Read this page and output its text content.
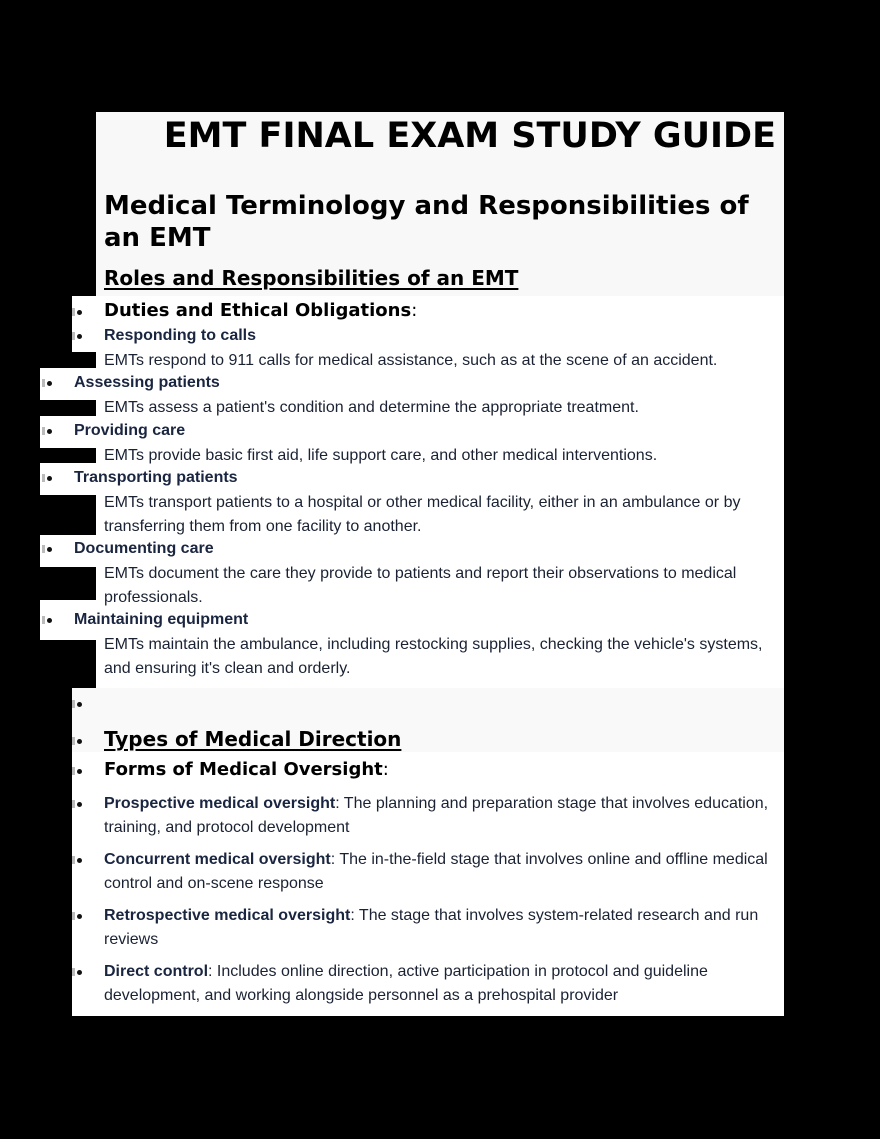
EMT FINAL EXAM STUDY GUIDE
Medical Terminology and Responsibilities of an EMT
Roles and Responsibilities of an EMT
Duties and Ethical Obligations:
Responding to calls
EMTs respond to 911 calls for medical assistance, such as at the scene of an accident.
Assessing patients
EMTs assess a patient's condition and determine the appropriate treatment.
Providing care
EMTs provide basic first aid, life support care, and other medical interventions.
Transporting patients
EMTs transport patients to a hospital or other medical facility, either in an ambulance or by transferring them from one facility to another.
Documenting care
EMTs document the care they provide to patients and report their observations to medical professionals.
Maintaining equipment
EMTs maintain the ambulance, including restocking supplies, checking the vehicle's systems, and ensuring it's clean and orderly.
Types of Medical Direction
Forms of Medical Oversight:
Prospective medical oversight: The planning and preparation stage that involves education, training, and protocol development
Concurrent medical oversight: The in-the-field stage that involves online and offline medical control and on-scene response
Retrospective medical oversight: The stage that involves system-related research and run reviews
Direct control: Includes online direction, active participation in protocol and guideline development, and working alongside personnel as a prehospital provider
